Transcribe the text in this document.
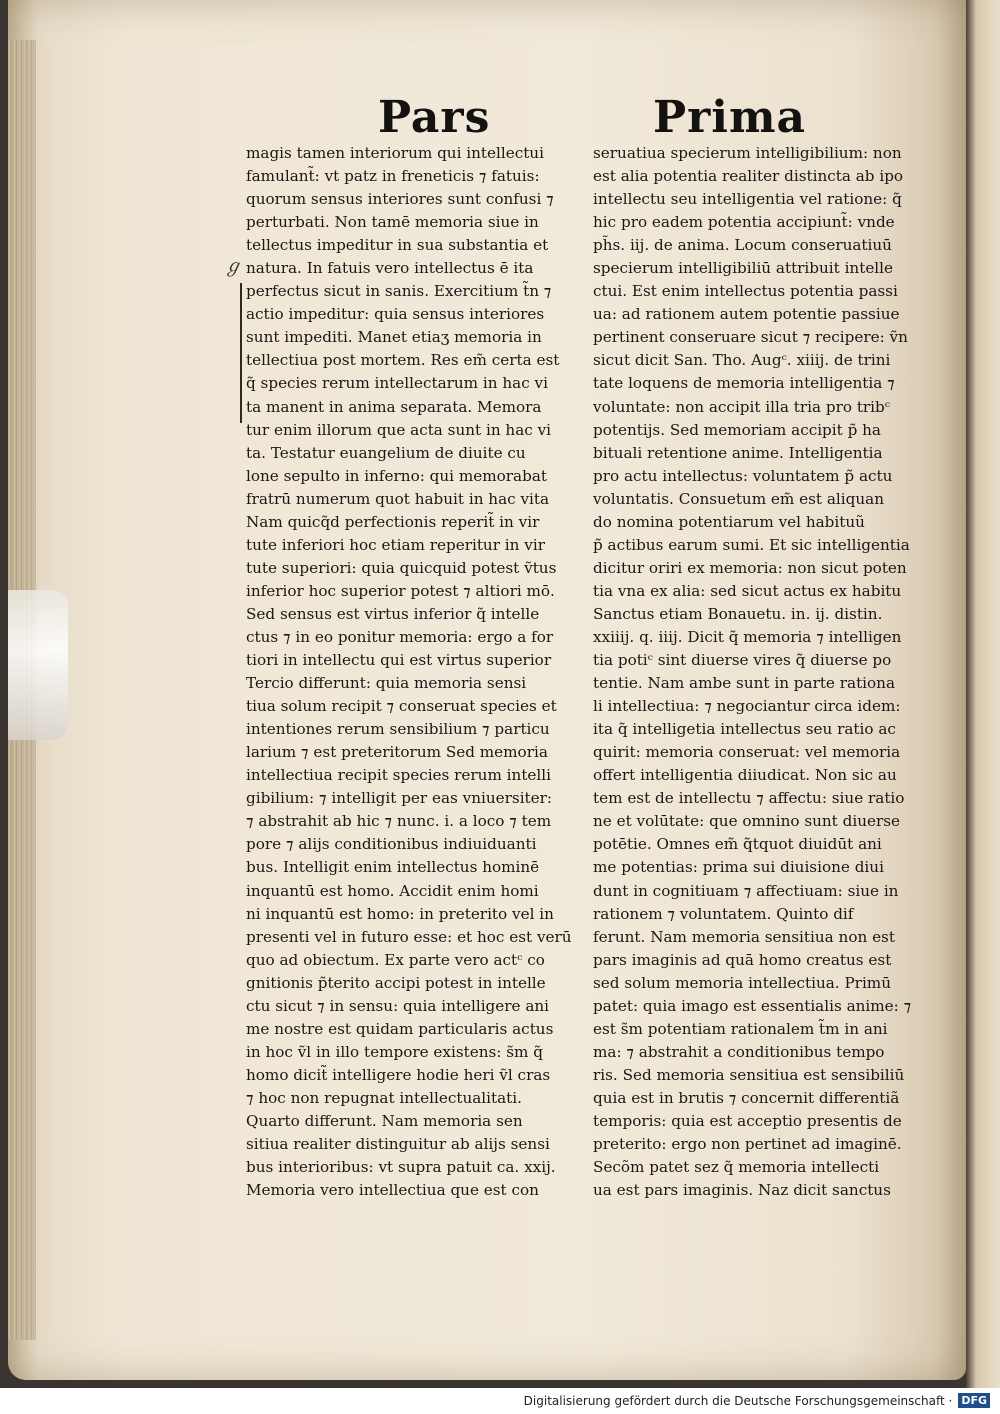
Pars	Prima
ℊ
magis tamen interiorum qui intellectui
famulant̃: vt patz in freneticis ⁊ fatuis:
quorum sensus interiores sunt confusi ⁊
perturbati. Non tamē memoria siue in
tellectus impeditur in sua substantia et
natura. In fatuis vero intellectus ē ita
perfectus sicut in sanis. Exercitium t̃n ⁊
actio impeditur: quia sensus interiores
sunt impediti. Manet etiaʒ memoria in
tellectiua post mortem. Res em̃ certa est
q̃ species rerum intellectarum in hac vi
ta manent in anima separata. Memora
tur enim illorum que acta sunt in hac vi
ta. Testatur euangelium de diuite cu
lone sepulto in inferno: qui memorabat
fratrū numerum quot habuit in hac vita
Nam quicq̃d perfectionis reperit̃ in vir
tute inferiori hoc etiam reperitur in vir
tute superiori: quia quicquid potest ṽtus
inferior hoc superior potest ⁊ altiori mō.
Sed sensus est virtus inferior q̃ intelle
ctus ⁊ in eo ponitur memoria: ergo a for
tiori in intellectu qui est virtus superior
Tercio differunt: quia memoria sensi
tiua solum recipit ⁊ conseruat species et
intentiones rerum sensibilium ⁊ particu
larium ⁊ est preteritorum Sed memoria
intellectiua recipit species rerum intelli
gibilium: ⁊ intelligit per eas vniuersiter:
⁊ abstrahit ab hic ⁊ nunc. i. a loco ⁊ tem
pore ⁊ alijs conditionibus indiuiduanti
bus. Intelligit enim intellectus hominē
inquantū est homo. Accidit enim homi
ni inquantū est homo: in preterito vel in
presenti vel in futuro esse: et hoc est verū
quo ad obiectum. Ex parte vero actᶜ co
gnitionis p̃terito accipi potest in intelle
ctu sicut ⁊ in sensu: quia intelligere ani
me nostre est quidam particularis actus
in hoc ṽl in illo tempore existens: s̃m q̃
homo dicit̃ intelligere hodie heri ṽl cras
⁊ hoc non repugnat intellectualitati.
Quarto differunt. Nam memoria sen
sitiua realiter distinguitur ab alijs sensi
bus interioribus: vt supra patuit ca. xxij.
Memoria vero intellectiua que est con
seruatiua specierum intelligibilium: non
est alia potentia realiter distincta ab ipo
intellectu seu intelligentia vel ratione: q̃
hic pro eadem potentia accipiunt̃: vnde
ph̃s. iij. de anima. Locum conseruatiuū
specierum intelligibiliū attribuit intelle
ctui. Est enim intellectus potentia passi
ua: ad rationem autem potentie passiue
pertinent conseruare sicut ⁊ recipere: ṽn
sicut dicit San. Tho. Augᶜ. xiiij. de trini
tate loquens de memoria intelligentia ⁊
voluntate: non accipit illa tria pro tribᶜ
potentijs. Sed memoriam accipit p̃ ha
bituali retentione anime. Intelligentia
pro actu intellectus: voluntatem p̃ actu
voluntatis. Consuetum em̃ est aliquan
do nomina potentiarum vel habituũ
p̃ actibus earum sumi. Et sic intelligentia
dicitur oriri ex memoria: non sicut poten
tia vna ex alia: sed sicut actus ex habitu
Sanctus etiam Bonauetu. in. ij. distin.
xxiiij. q. iiij. Dicit q̃ memoria ⁊ intelligen
tia potiᶜ sint diuerse vires q̃ diuerse po
tentie. Nam ambe sunt in parte rationa
li intellectiua: ⁊ negociantur circa idem:
ita q̃ intelligetia intellectus seu ratio ac
quirit: memoria conseruat: vel memoria
offert intelligentia diiudicat. Non sic au
tem est de intellectu ⁊ affectu: siue ratio
ne et volūtate: que omnino sunt diuerse
potētie. Omnes em̃ q̃tquot diuidūt ani
me potentias: prima sui diuisione diui
dunt in cognitiuam ⁊ affectiuam: siue in
rationem ⁊ voluntatem. Quinto dif
ferunt. Nam memoria sensitiua non est
pars imaginis ad quā homo creatus est
sed solum memoria intellectiua. Primū
patet: quia imago est essentialis anime: ⁊
est s̃m potentiam rationalem t̃m in ani
ma: ⁊ abstrahit a conditionibus tempo
ris. Sed memoria sensitiua est sensibiliū
quia est in brutis ⁊ concernit differentiã
temporis: quia est acceptio presentis de
preterito: ergo non pertinet ad imaginē.
Secõm patet sez q̃ memoria intellecti
ua est pars imaginis. Naz dicit sanctus
Digitalisierung gefördert durch die Deutsche Forschungsgemeinschaft · DFG
